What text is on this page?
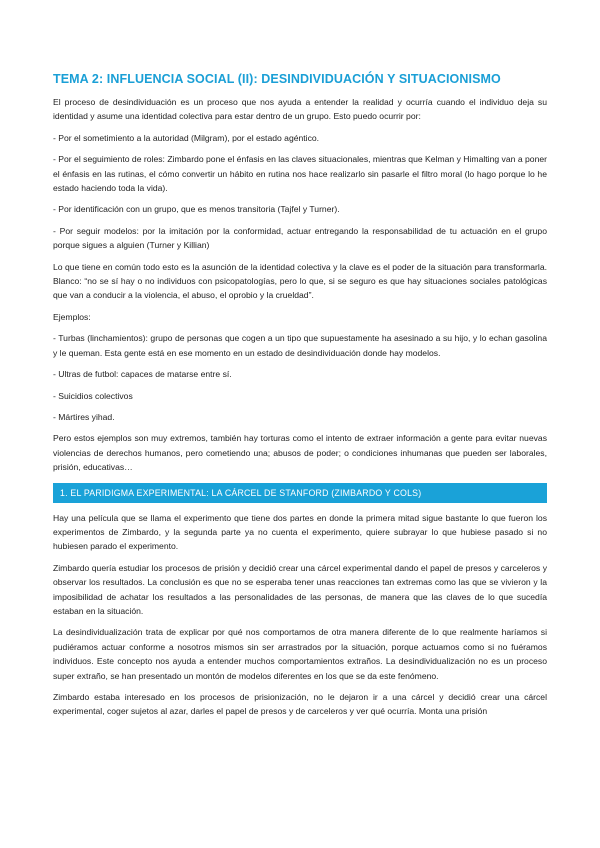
TEMA 2: INFLUENCIA SOCIAL (II): DESINDIVIDUACIÓN Y SITUACIONISMO

El proceso de desindividuación es un proceso que nos ayuda a entender la realidad y ocurría cuando el individuo deja su identidad y asume una identidad colectiva para estar dentro de un grupo. Esto puedo ocurrir por:

- Por el sometimiento a la autoridad (Milgram), por el estado agéntico.

- Por el seguimiento de roles: Zimbardo pone el énfasis en las claves situacionales, mientras que Kelman y Himalting van a poner el énfasis en las rutinas, el cómo convertir un hábito en rutina nos hace realizarlo sin pasarle el filtro moral (lo hago porque lo he estado haciendo toda la vida).

- Por identificación con un grupo, que es menos transitoria (Tajfel y Turner).

- Por seguir modelos: por la imitación por la conformidad, actuar entregando la responsabilidad de tu actuación en el grupo porque sigues a alguien (Turner y Killian)

Lo que tiene en común todo esto es la asunción de la identidad colectiva y la clave es el poder de la situación para transformarla. Blanco: “no se sí hay o no individuos con psicopatologías, pero lo que, si se seguro es que hay situaciones sociales patológicas que van a conducir a la violencia, el abuso, el oprobio y la crueldad”.

Ejemplos:

- Turbas (linchamientos): grupo de personas que cogen a un tipo que supuestamente ha asesinado a su hijo, y lo echan gasolina y le queman. Esta gente está en ese momento en un estado de desindividuación donde hay modelos.

- Ultras de futbol: capaces de matarse entre sí.

- Suicidios colectivos

- Mártires yihad.

Pero estos ejemplos son muy extremos, también hay torturas como el intento de extraer información a gente para evitar nuevas violencias de derechos humanos, pero cometiendo una; abusos de poder; o condiciones inhumanas que pueden ser laborales, prisión, educativas…

1. EL PARIDIGMA EXPERIMENTAL: LA CÁRCEL DE STANFORD (ZIMBARDO Y COLS)

Hay una película que se llama el experimento que tiene dos partes en donde la primera mitad sigue bastante lo que fueron los experimentos de Zimbardo, y la segunda parte ya no cuenta el experimento, quiere subrayar lo que hubiese pasado si no hubiesen parado el experimento.

Zimbardo quería estudiar los procesos de prisión y decidió crear una cárcel experimental dando el papel de presos y carceleros y observar los resultados. La conclusión es que no se esperaba tener unas reacciones tan extremas como las que se vivieron y la imposibilidad de achatar los resultados a las personalidades de las personas, de manera que las claves de lo que sucedía estaban en la situación.

La desindividualización trata de explicar por qué nos comportamos de otra manera diferente de lo que realmente haríamos si pudiéramos actuar conforme a nosotros mismos sin ser arrastrados por la situación, porque actuamos como si no fuéramos individuos. Este concepto nos ayuda a entender muchos comportamientos extraños. La desindividualización no es un proceso super extraño, se han presentado un montón de modelos diferentes en los que se da este fenómeno.

Zimbardo estaba interesado en los procesos de prisionización, no le dejaron ir a una cárcel y decidió crear una cárcel experimental, coger sujetos al azar, darles el papel de presos y de carceleros y ver qué ocurría. Monta una prisión
